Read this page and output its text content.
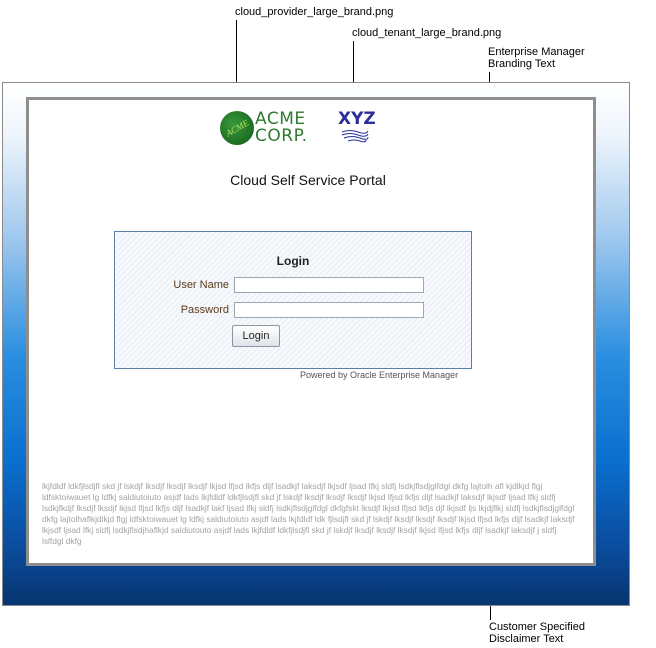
cloud_provider_large_brand.png
cloud_tenant_large_brand.png
Enterprise Manager
Branding Text
Customer Specified
Disclaimer Text
ACME ACME
CORP.
XYZ
Cloud Self Service Portal
Login
User Name
Password
Login
Powered by Oracle Enterprise Manager
lkjfdldf ldkfjlsdjfl skd jf lskdjf lksdjf lksdjf lksdjf lkjsd lfjsd lkfjs dljf lsadkjf laksdjf lkjsdf ljsad lfkj sldfj lsdkjflsdjglfdgl dkfg lajtolh afl kjdlkjd flgj ldfsktoiwauet lg ldfkj saldiutoiuto asjdf lads lkjfdldf ldkfjlsdjfl skd jf lskdjf lksdjf lksdjf lksdjf lkjsd lfjsd lkfjs dljf lsadkjf laksdjf lkjsdf ljsad lfkj sldfj lsdkjfkdjf lksdjf lksdjf lkjsd lfjsd lkfjs dljf lsadkjf lakf ljsad lfkj sldfj lsdkjflsdjglfdgl dkfgfskt lksdjf lkjsd lfjsd lkfjs djf lkjsdf ljs lkjdjflkj sldfj lsdkjflsdjglfdgl dkfg lajtolhaflkjdlkjd flgj ldfsktoiwauet lg ldfkj saldiutoiuto asjdf lads lkjfdldf ldk fjlsdjfl skd jf lskdjf lksdjf lksdjf lksdjf lkjsd lfjsd lkfjs dljf lsadkjf laksdjf lkjsdf ljsad lfkj sldfj lsdkjflsdjhaflkjd saldiutouto asjdf lads lkjfdldf ldkfjlsdjfl skd jf lskdjf lksdjf lksdjf lksdjf lkjsd lfjsd lkfjs dljf lsadkjf laksdjf j sldfj lslfdgl dkfg
